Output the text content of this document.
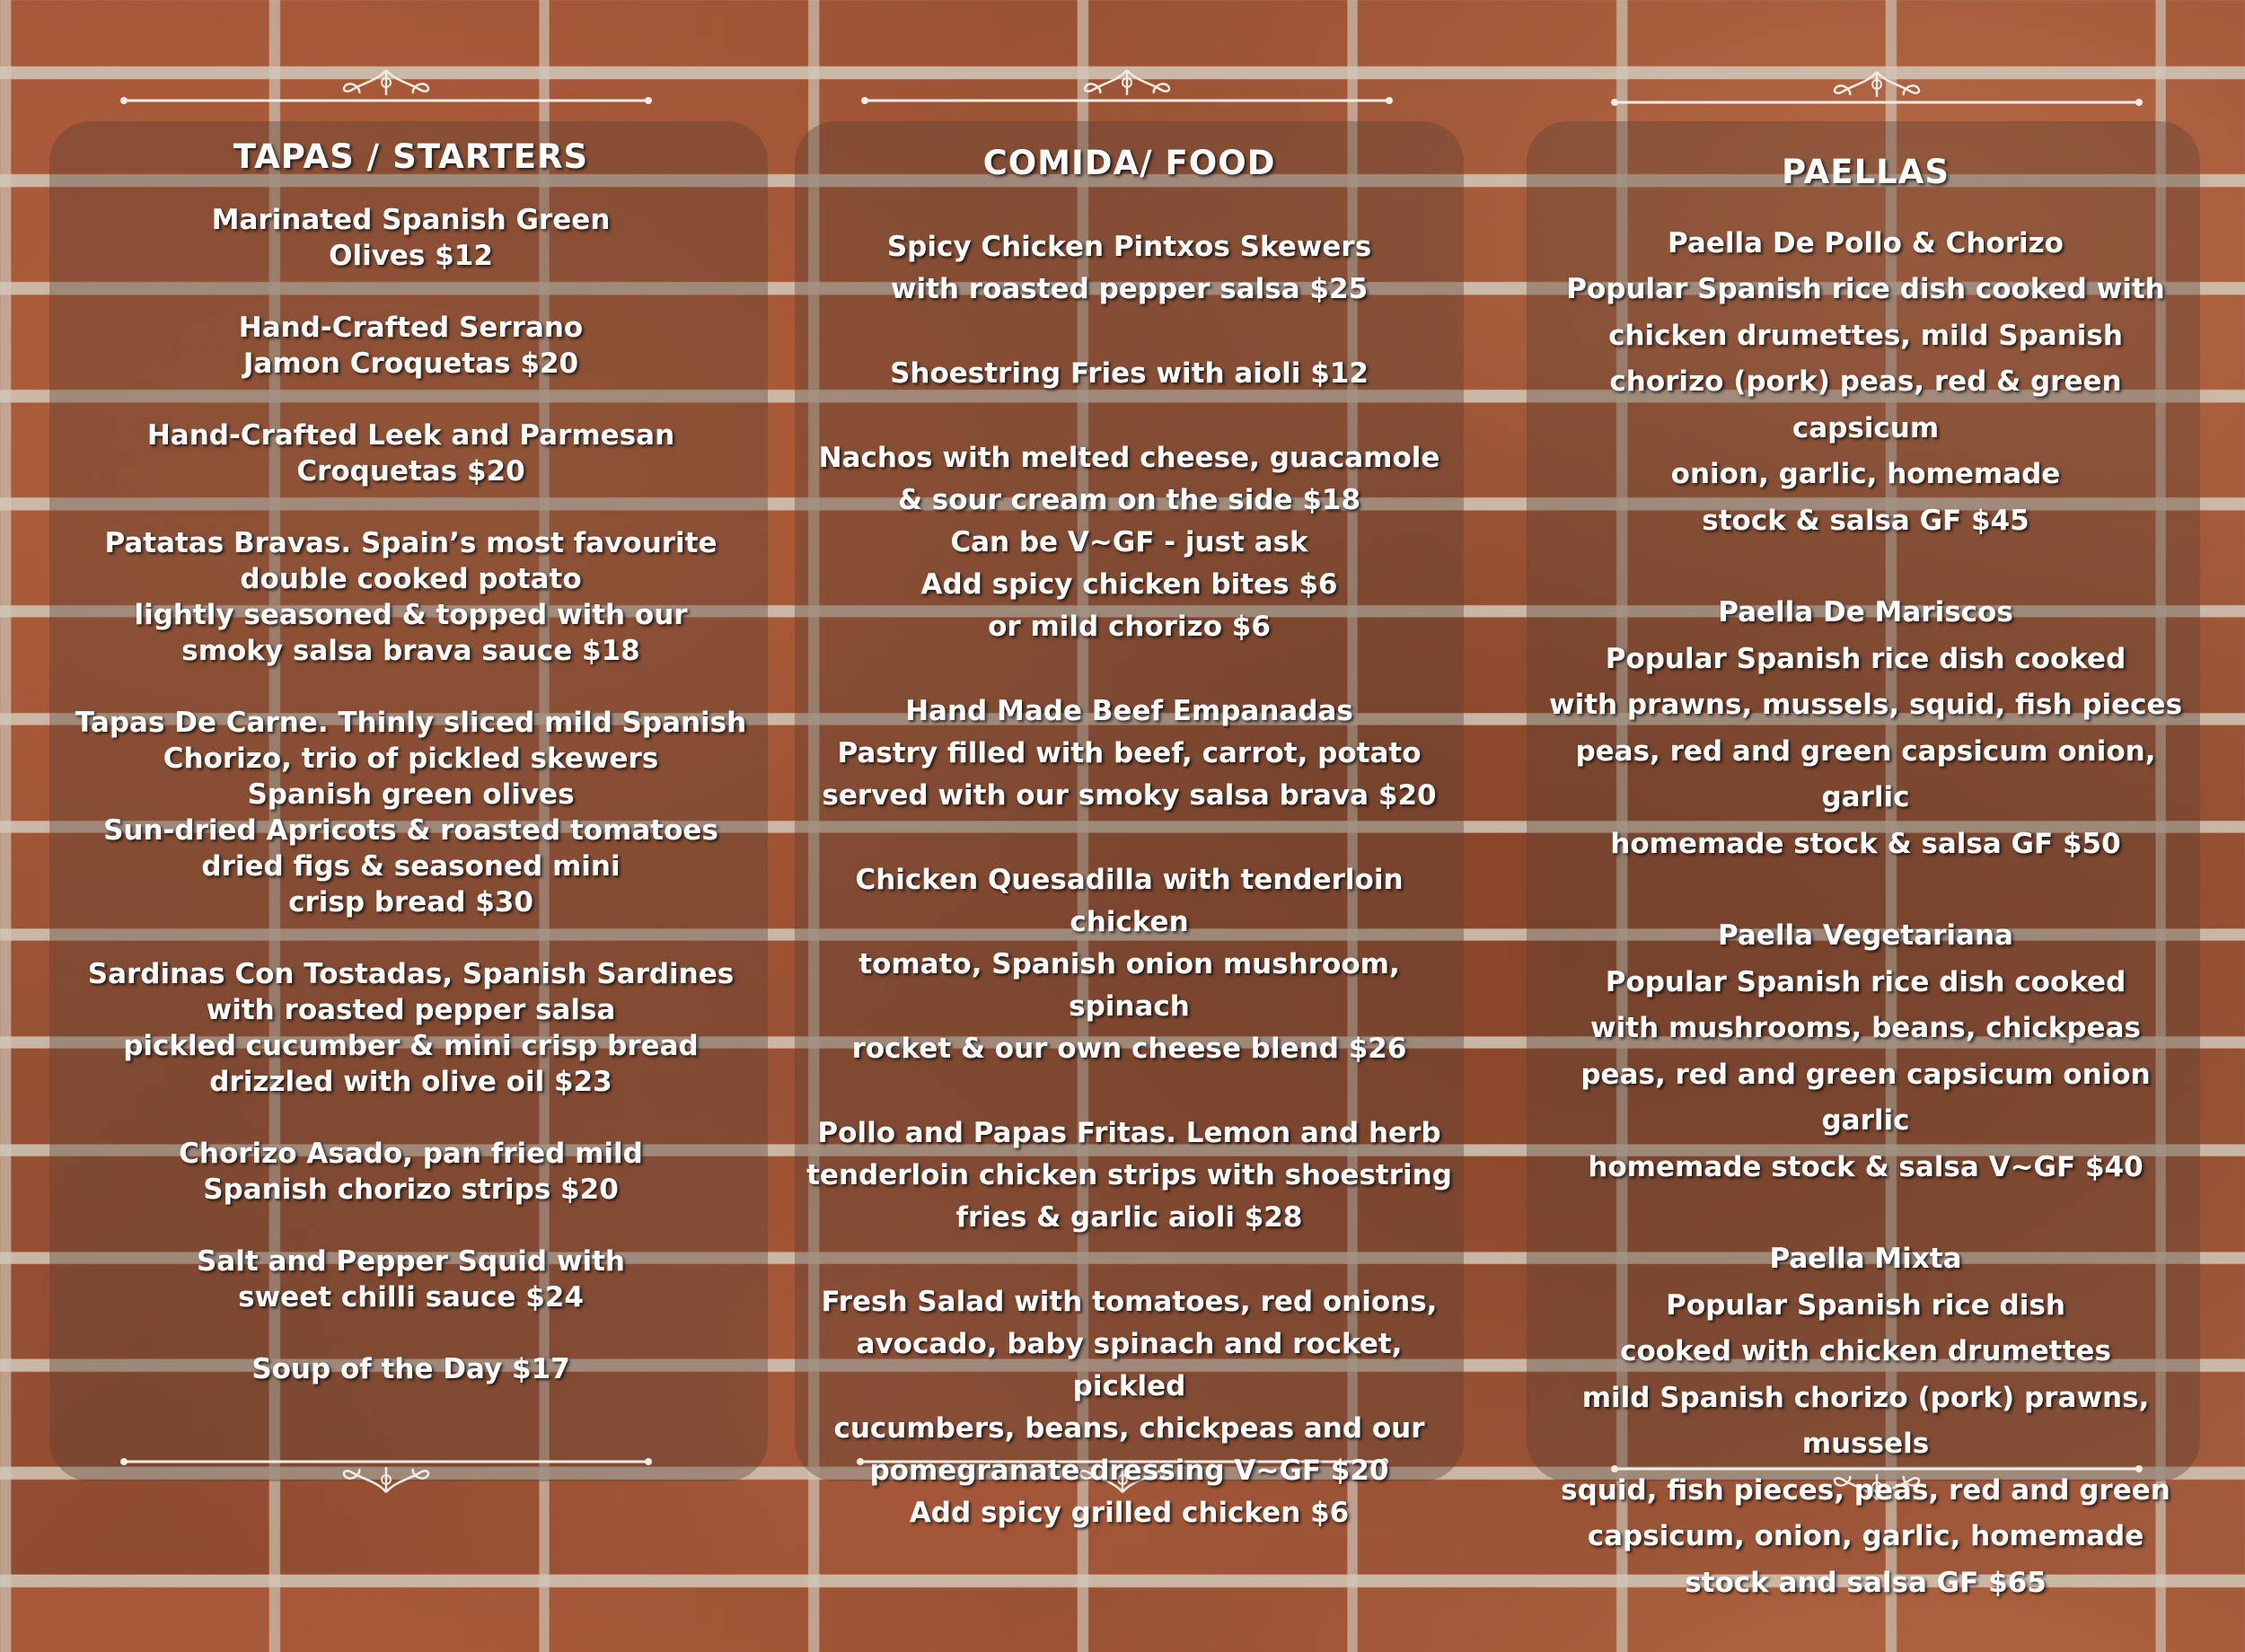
TAPAS / STARTERS
Marinated Spanish Green
Olives $12
Hand-Crafted Serrano
Jamon Croquetas $20
Hand-Crafted Leek and Parmesan
Croquetas $20
Patatas Bravas. Spain’s most favourite
double cooked potato
lightly seasoned & topped with our
smoky salsa brava sauce $18
Tapas De Carne. Thinly sliced mild Spanish
Chorizo, trio of pickled skewers
Spanish green olives
Sun-dried Apricots & roasted tomatoes
dried figs & seasoned mini
crisp bread $30
Sardinas Con Tostadas, Spanish Sardines
with roasted pepper salsa
pickled cucumber & mini crisp bread
drizzled with olive oil $23
Chorizo Asado, pan fried mild
Spanish chorizo strips $20
Salt and Pepper Squid with
sweet chilli sauce $24
Soup of the Day $17
COMIDA/ FOOD
Spicy Chicken Pintxos Skewers
with roasted pepper salsa $25
Shoestring Fries with aioli $12
Nachos with melted cheese, guacamole
& sour cream on the side $18
Can be V~GF - just ask
Add spicy chicken bites $6
or mild chorizo $6
Hand Made Beef Empanadas
Pastry filled with beef, carrot, potato
served with our smoky salsa brava $20
Chicken Quesadilla with tenderloin chicken
tomato, Spanish onion mushroom, spinach
rocket & our own cheese blend $26
Pollo and Papas Fritas. Lemon and herb
tenderloin chicken strips with shoestring
fries & garlic aioli $28
Fresh Salad with tomatoes, red onions,
avocado, baby spinach and rocket, pickled
cucumbers, beans, chickpeas and our
pomegranate dressing V~GF $20
Add spicy grilled chicken $6
PAELLAS
Paella De Pollo & Chorizo
Popular Spanish rice dish cooked with
chicken drumettes, mild Spanish
chorizo (pork) peas, red & green capsicum
onion, garlic, homemade
stock & salsa GF $45
Paella De Mariscos
Popular Spanish rice dish cooked
with prawns, mussels, squid, fish pieces
peas, red and green capsicum onion, garlic
homemade stock & salsa GF $50
Paella Vegetariana
Popular Spanish rice dish cooked
with mushrooms, beans, chickpeas
peas, red and green capsicum onion garlic
homemade stock & salsa V~GF $40
Paella Mixta
Popular Spanish rice dish
cooked with chicken drumettes
mild Spanish chorizo (pork) prawns, mussels
squid, fish pieces, peas, red and green
capsicum, onion, garlic, homemade
stock and salsa GF $65
